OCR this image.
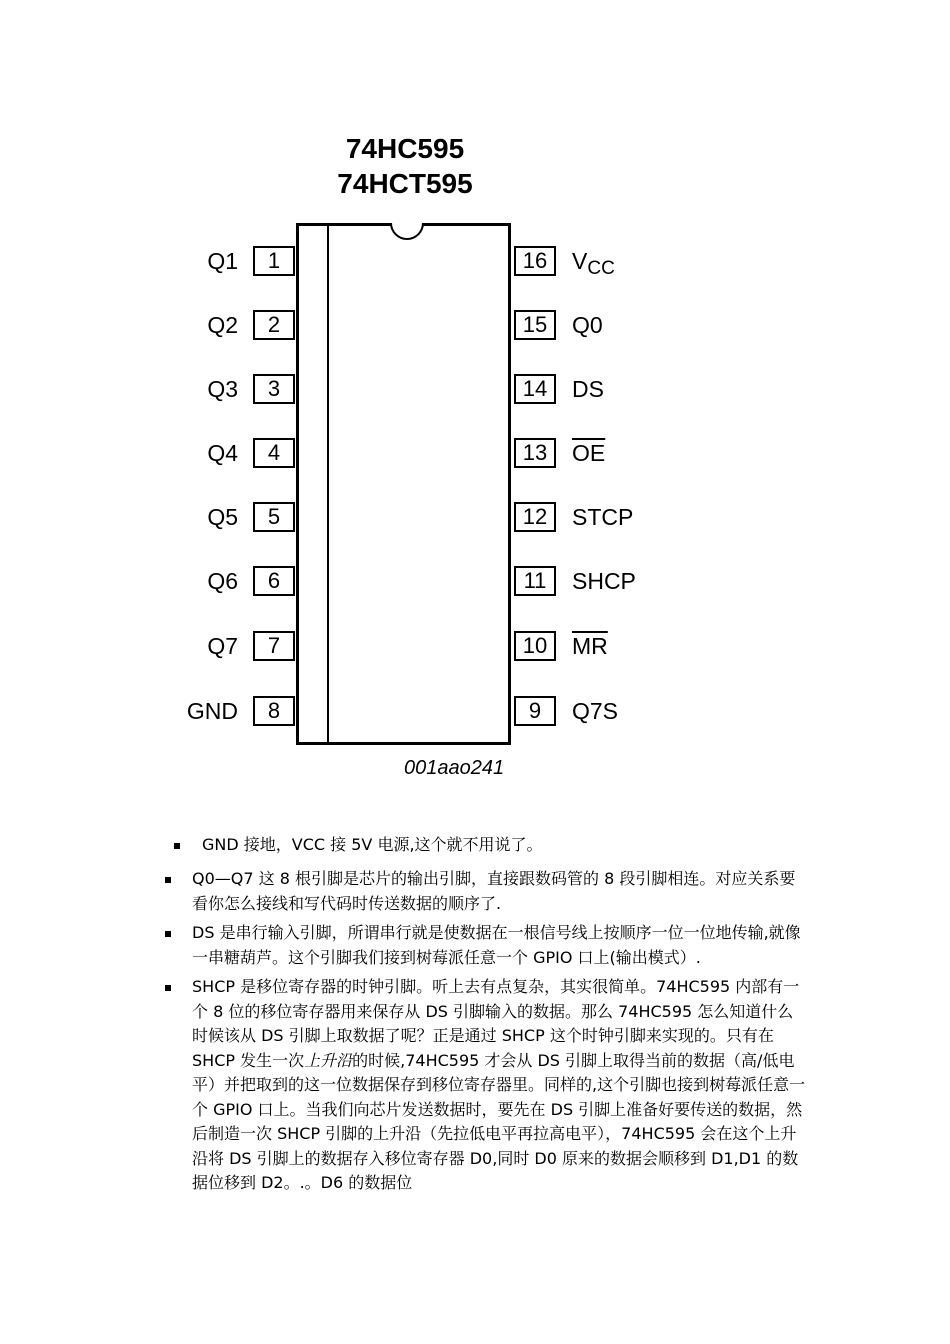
74HC595
74HCT595
Q1	1
Q2	2
Q3	3
Q4	4
Q5	5
Q6	6
Q7	7
GND	8
16	$V_{CC}$
15	Q0
14	DS
13	$\overline{OE}$
12	STCP
11	SHCP
10	$\overline{MR}$
9	Q7S
001aao241
GND 接地，VCC 接 5V 电源,这个就不用说了。
Q0—Q7 这 8 根引脚是芯片的输出引脚，直接跟数码管的 8 段引脚相连。对应关系要看你怎么接线和写代码时传送数据的顺序了.
DS 是串行输入引脚，所谓串行就是使数据在一根信号线上按顺序一位一位地传输,就像一串糖葫芦。这个引脚我们接到树莓派任意一个 GPIO 口上(输出模式）.
SHCP 是移位寄存器的时钟引脚。听上去有点复杂，其实很简单。74HC595 内部有一个 8 位的移位寄存器用来保存从 DS 引脚输入的数据。那么 74HC595 怎么知道什么时候该从 DS 引脚上取数据了呢？正是通过 SHCP 这个时钟引脚来实现的。只有在 SHCP 发生一次上升沿的时候,74HC595 才会从 DS 引脚上取得当前的数据（高/低电平）并把取到的这一位数据保存到移位寄存器里。同样的,这个引脚也接到树莓派任意一个 GPIO 口上。当我们向芯片发送数据时，要先在 DS 引脚上准备好要传送的数据，然后制造一次 SHCP 引脚的上升沿（先拉低电平再拉高电平），74HC595 会在这个上升沿将 DS 引脚上的数据存入移位寄存器 D0,同时 D0 原来的数据会顺移到 D1,D1 的数据位移到 D2。.。D6 的数据位
